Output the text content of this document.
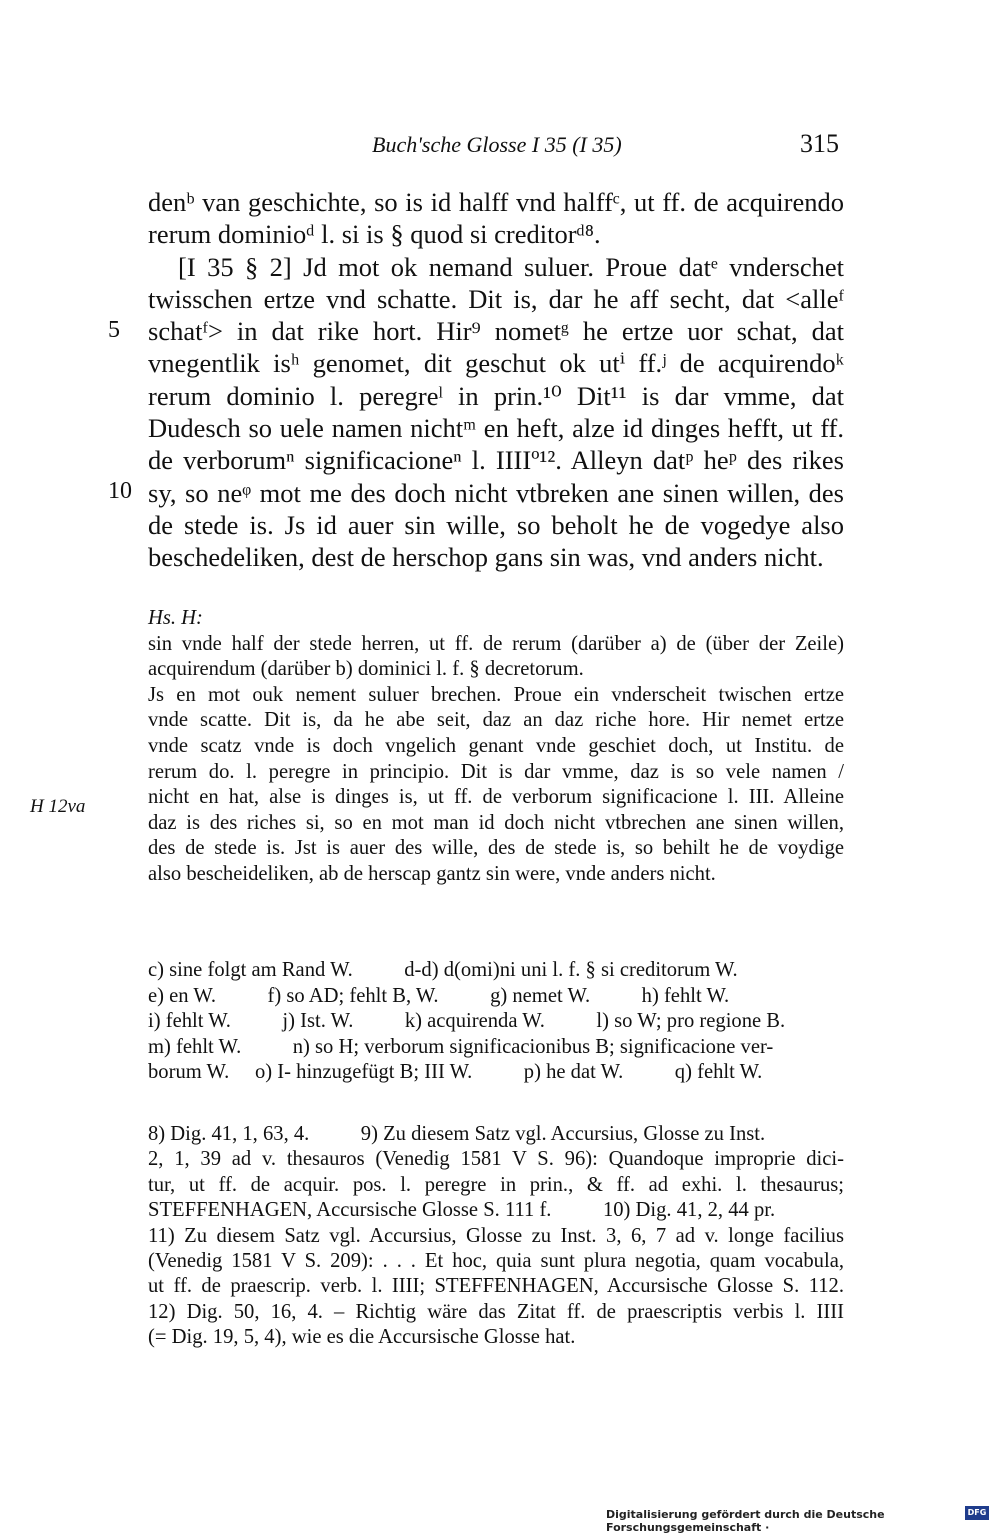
Buch'sche Glosse I 35 (I 35)	315

denᵇ van geschichte, so is id halff vnd halffᶜ, ut ff. de acquirendo

rerum dominioᵈ l. si is § quod si creditorᵈ⁸.

[I 35 § 2] Jd mot ok nemand suluer. Proue datᵉ vnderschet

twisschen ertze vnd schatte. Dit is, dar he aff secht, dat <alleᶠ

schatᶠ> in dat rike hort. Hir⁹ nometᵍ he ertze uor schat, dat

vnegentlik isʰ genomet, dit geschut ok utⁱ ff.ʲ de acquirendoᵏ

rerum dominio l. peregreˡ in prin.¹⁰ Dit¹¹ is dar vmme, dat

Dudesch so uele namen nichtᵐ en heft, alze id dinges hefft, ut ff.

de verborumⁿ significacioneⁿ l. IIIIº¹². Alleyn datᵖ heᵖ des rikes

sy, so neᵠ mot me des doch nicht vtbreken ane sinen willen, des

de stede is. Js id auer sin wille, so beholt he de vogedye also

beschedeliken, dest de herschop gans sin was, vnd anders nicht.

5
10

Hs. H:

sin vnde half der stede herren, ut ff. de rerum (darüber a) de (über der Zeile)

acquirendum (darüber b) dominici l. f. § decretorum.

Js en mot ouk nement suluer brechen. Proue ein vnderscheit twischen ertze

vnde scatte. Dit is, da he abe seit, daz an daz riche hore. Hir nemet ertze

vnde scatz vnde is doch vngelich genant vnde geschiet doch, ut Institu. de

rerum do. l. peregre in principio. Dit is dar vmme, daz is so vele namen /

nicht en hat, alse is dinges is, ut ff. de verborum significacione l. III. Alleine

daz is des riches si, so en mot man id doch nicht vtbrechen ane sinen willen,

des de stede is. Jst is auer des wille, des de stede is, so behilt he de voydige

also bescheideliken, ab de herscap gantz sin were, vnde anders nicht.

H 12va

c) sine folgt am Rand W.          d-d) d(omi)ni uni l. f. § si creditorum W.

e) en W.          f) so AD; fehlt B, W.          g) nemet W.          h) fehlt W.

i) fehlt W.          j) Ist. W.          k) acquirenda W.          l) so W; pro regione B.

m) fehlt W.          n) so H; verborum significacionibus B; significacione ver-

borum W.     o) I- hinzugefügt B; III W.          p) he dat W.          q) fehlt W.

8) Dig. 41, 1, 63, 4.          9) Zu diesem Satz vgl. Accursius, Glosse zu Inst.

2, 1, 39 ad v. thesauros (Venedig 1581 V S. 96): Quandoque improprie dici-

tur, ut ff. de acquir. pos. l. peregre in prin., & ff. ad exhi. l. thesaurus;

STEFFENHAGEN, Accursische Glosse S. 111 f.          10) Dig. 41, 2, 44 pr.

11) Zu diesem Satz vgl. Accursius, Glosse zu Inst. 3, 6, 7 ad v. longe facilius

(Venedig 1581 V S. 209): . . . Et hoc, quia sunt plura negotia, quam vocabula,

ut ff. de praescrip. verb. l. IIII; STEFFENHAGEN, Accursische Glosse S. 112.

12) Dig. 50, 16, 4. – Richtig wäre das Zitat ff. de praescriptis verbis l. IIII

(= Dig. 19, 5, 4), wie es die Accursische Glosse hat.

Digitalisierung gefördert durch die Deutsche Forschungsgemeinschaft ·
DFG
